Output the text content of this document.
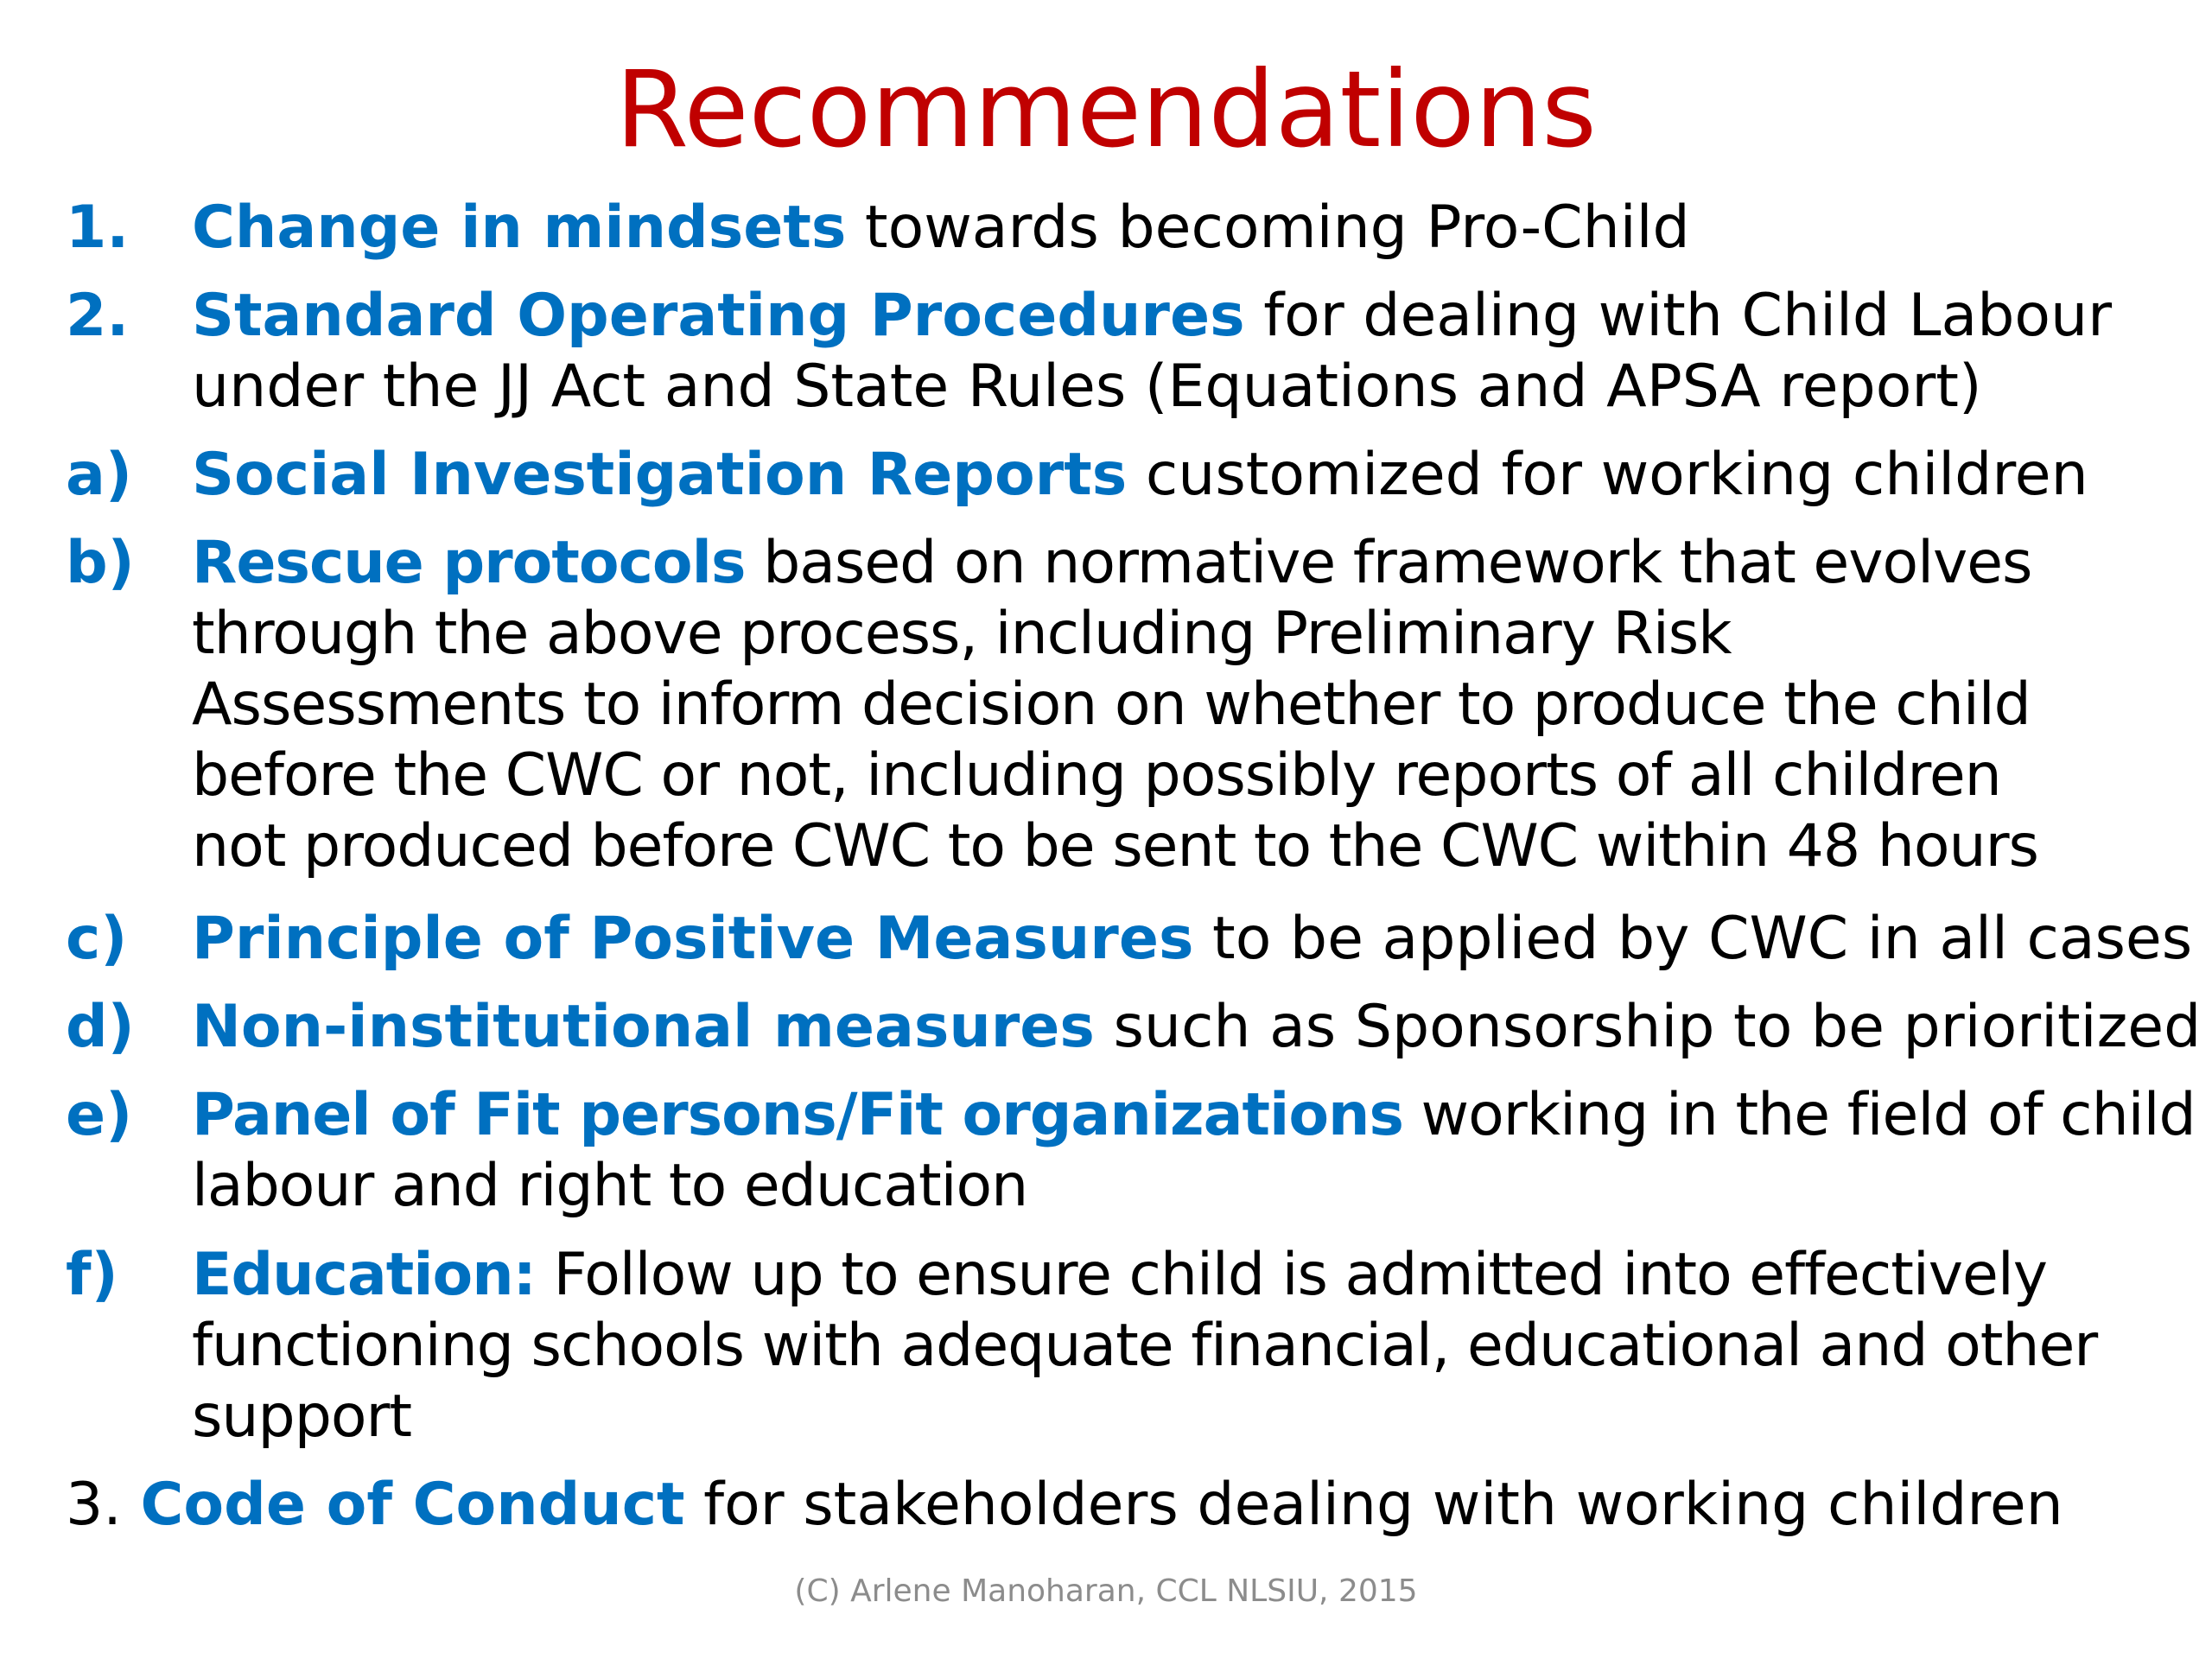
Recommendations
1. Change in mindsets towards becoming Pro-Child
2. Standard Operating Procedures for dealing with Child Labour
under the JJ Act and State Rules (Equations and APSA report)
a) Social Investigation Reports customized for working children
b) Rescue protocols based on normative framework that evolves
through the above process, including Preliminary Risk
Assessments to inform decision on whether to produce the child
before the CWC or not, including possibly reports of all children
not produced before CWC to be sent to the CWC within 48 hours
c) Principle of Positive Measures to be applied by CWC in all cases
d) Non-institutional measures such as Sponsorship to be prioritized
e) Panel of Fit persons/Fit organizations working in the field of child
labour and right to education
f) Education: Follow up to ensure child is admitted into effectively
functioning schools with adequate financial, educational and other
support
3. Code of Conduct for stakeholders dealing with working children
(C) Arlene Manoharan, CCL NLSIU, 2015
